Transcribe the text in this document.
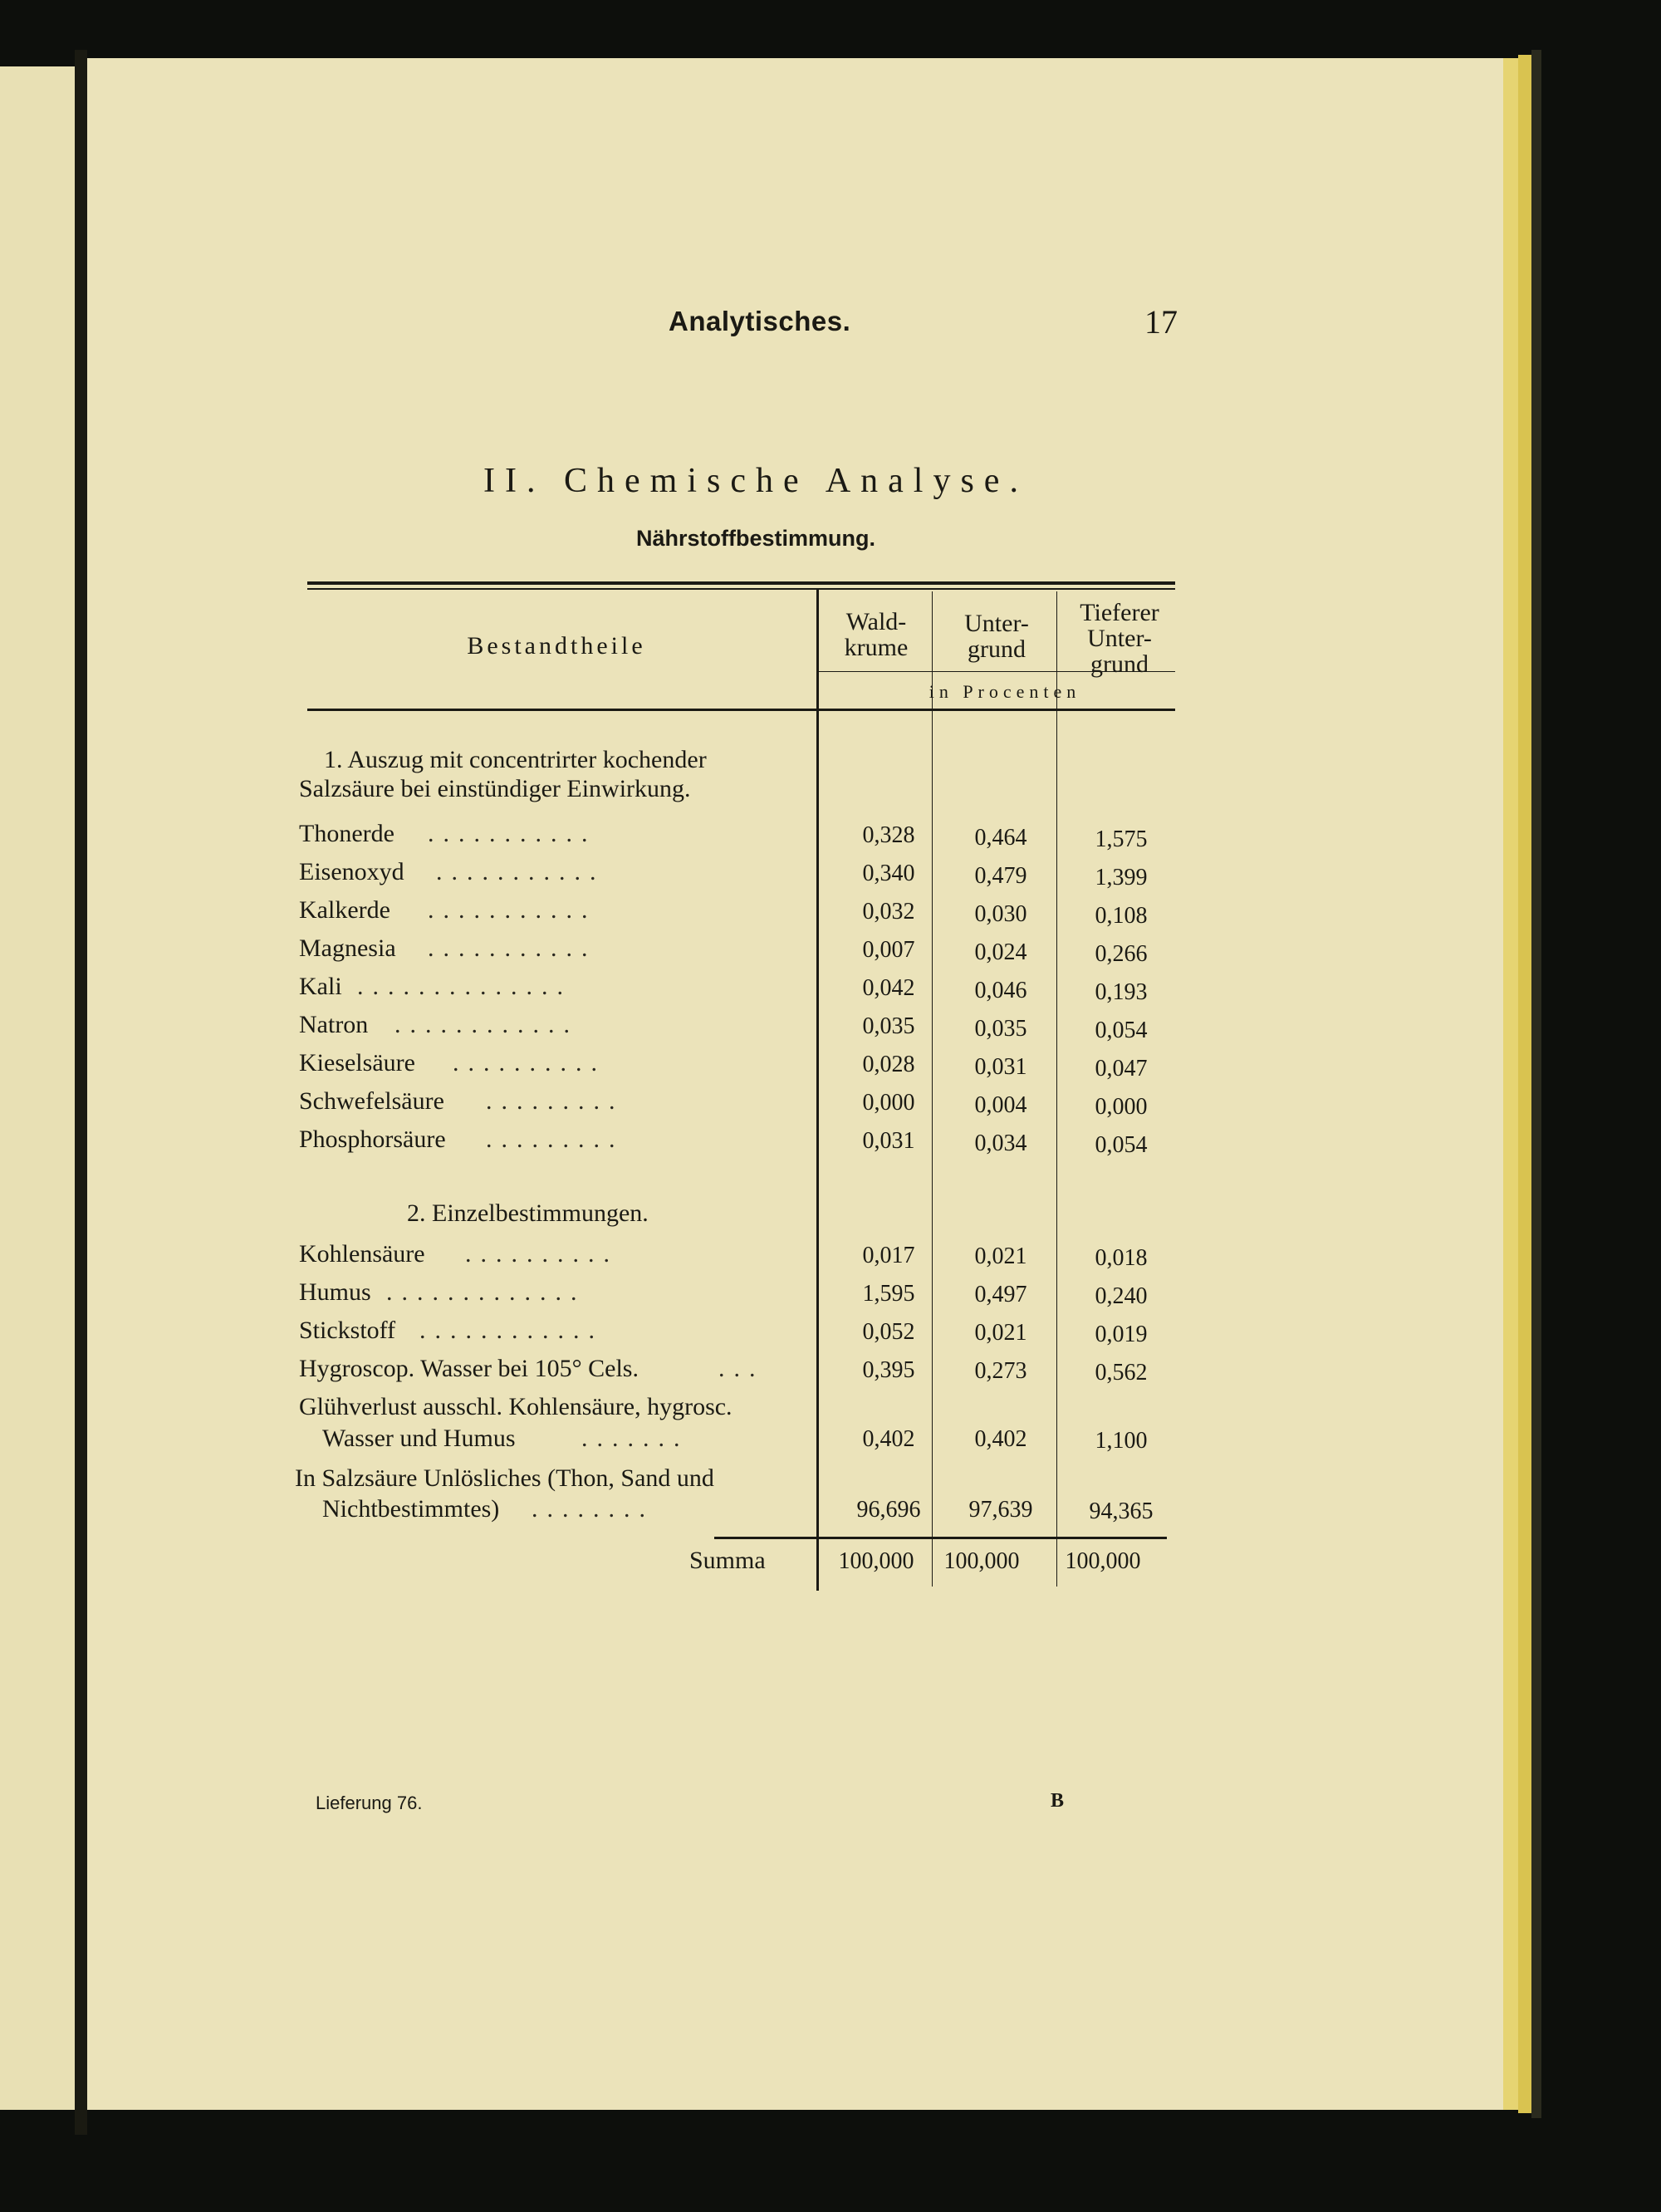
Analytisches.	17
II. Chemische Analyse.
Nährstoffbestimmung.
Bestandtheile
Wald-
krume
Unter-
grund
Tieferer
Unter-
grund
in Procenten
1. Auszug mit concentrirter kochender
Salzsäure bei einstündiger Einwirkung.
Thonerde ...........	0,328	0,464	1,575
Eisenoxyd ...........	0,340	0,479	1,399
Kalkerde ...........	0,032	0,030	0,108
Magnesia ...........	0,007	0,024	0,266
Kali ..............	0,042	0,046	0,193
Natron ............	0,035	0,035	0,054
Kieselsäure ..........	0,028	0,031	0,047
Schwefelsäure .........	0,000	0,004	0,000
Phosphorsäure .........	0,031	0,034	0,054
2. Einzelbestimmungen.
Kohlensäure ..........	0,017	0,021	0,018
Humus .............	1,595	0,497	0,240
Stickstoff ............	0,052	0,021	0,019
Hygroscop. Wasser bei 105° Cels.	...	0,395	0,273	0,562
Glühverlust ausschl. Kohlensäure, hygrosc.
Wasser und Humus	.......	0,402	0,402	1,100
In Salzsäure Unlösliches (Thon, Sand und
Nichtbestimmtes) ........	96,696	97,639	94,365
Summa	100,000	100,000	100,000
Lieferung 76.	B
